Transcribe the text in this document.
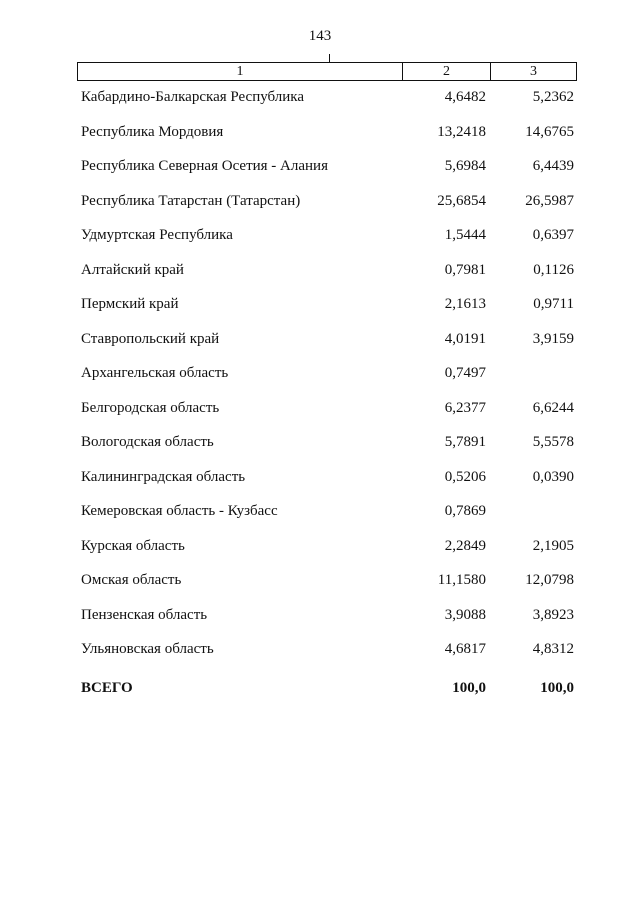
143
1	2	3
Кабардино-Балкарская Республика	4,6482	5,2362
Республика Мордовия	13,2418	14,6765
Республика Северная Осетия - Алания	5,6984	6,4439
Республика Татарстан (Татарстан)	25,6854	26,5987
Удмуртская Республика	1,5444	0,6397
Алтайский край	0,7981	0,1126
Пермский край	2,1613	0,9711
Ставропольский край	4,0191	3,9159
Архангельская область	0,7497
Белгородская область	6,2377	6,6244
Вологодская область	5,7891	5,5578
Калининградская область	0,5206	0,0390
Кемеровская область - Кузбасс	0,7869
Курская область	2,2849	2,1905
Омская область	11,1580	12,0798
Пензенская область	3,9088	3,8923
Ульяновская область	4,6817	4,8312
ВСЕГО	100,0	100,0
